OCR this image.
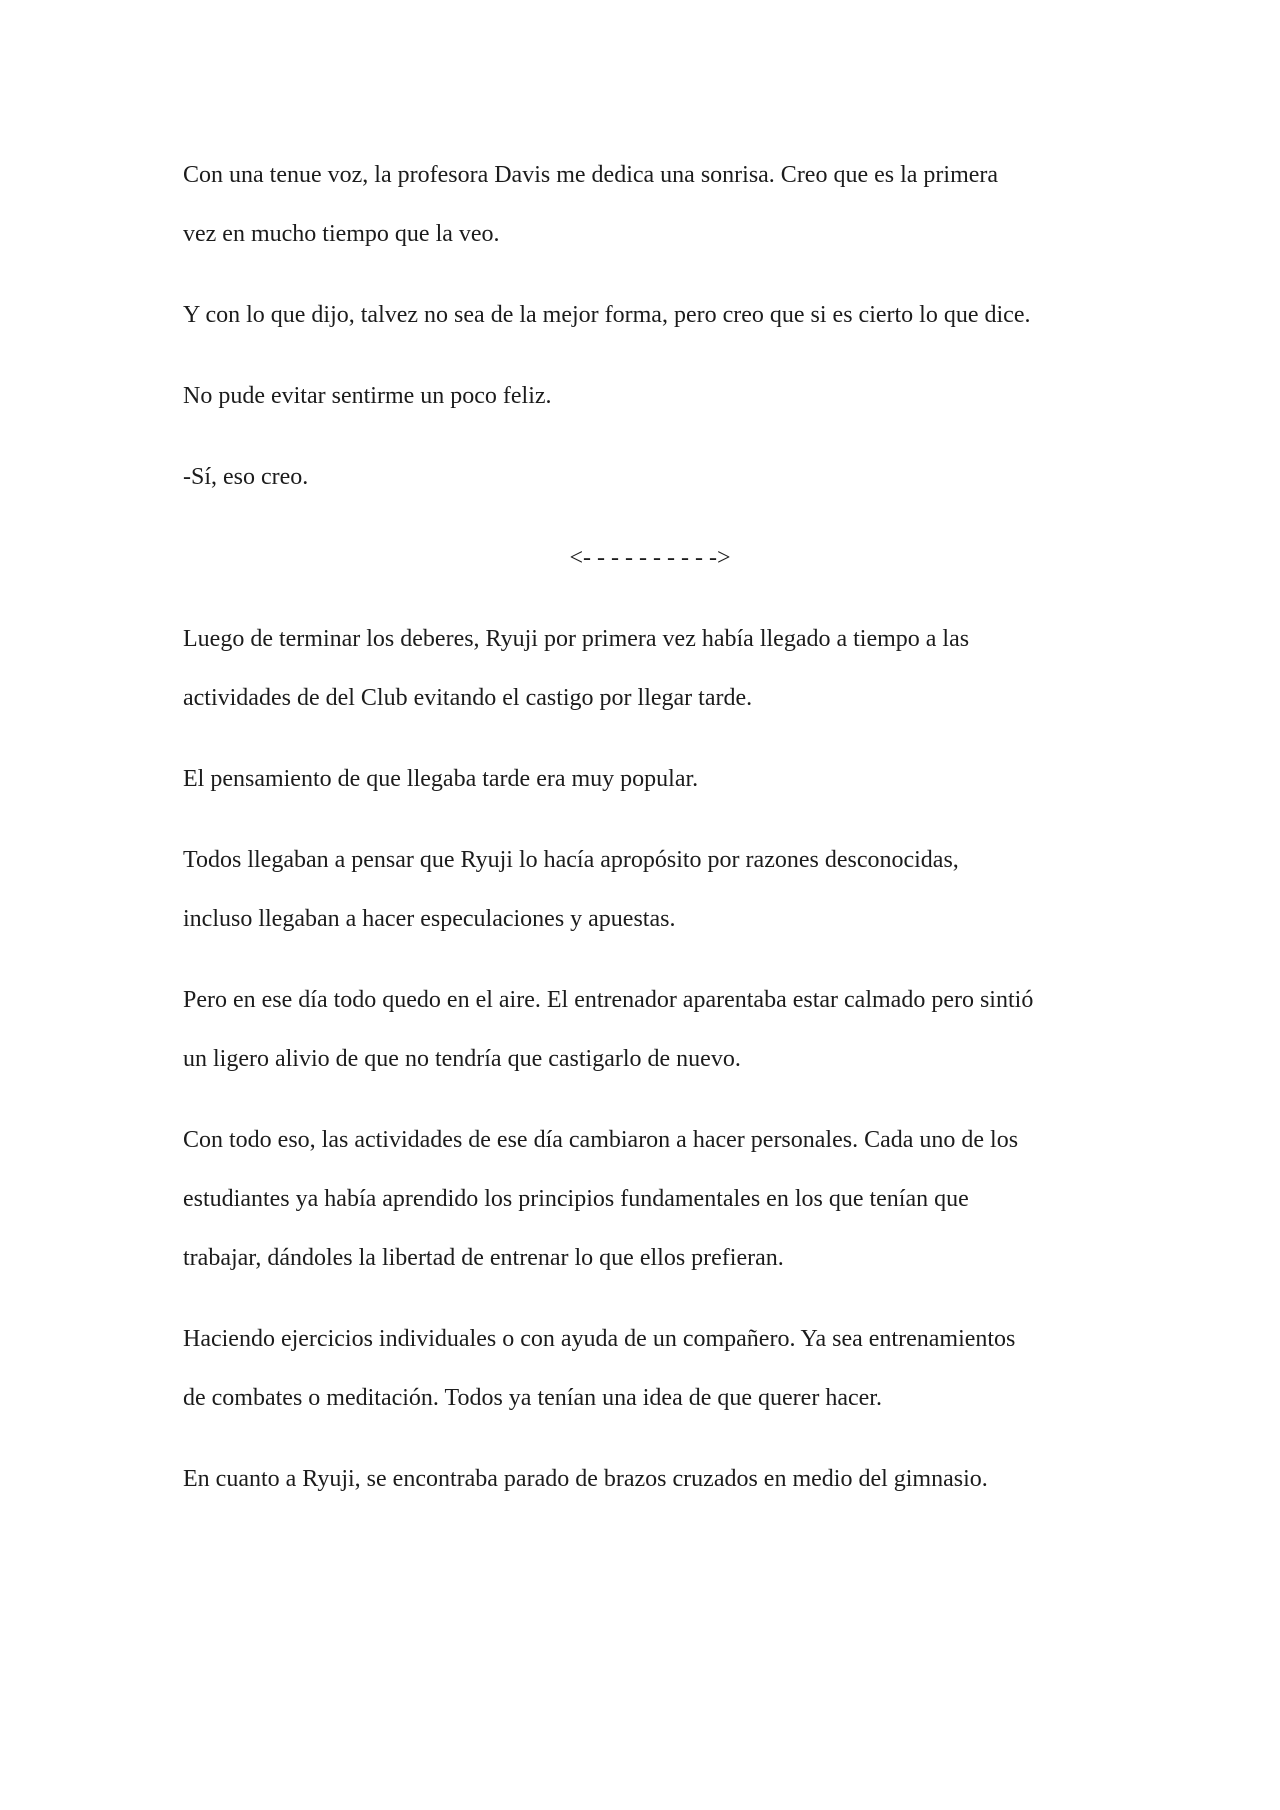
Con una tenue voz, la profesora Davis me dedica una sonrisa. Creo que es la primera
vez en mucho tiempo que la veo.

Y con lo que dijo, talvez no sea de la mejor forma, pero creo que si es cierto lo que dice.

No pude evitar sentirme un poco feliz.

-Sí, eso creo.

<- - - - - - - - - ->

Luego de terminar los deberes, Ryuji por primera vez había llegado a tiempo a las
actividades de del Club evitando el castigo por llegar tarde.

El pensamiento de que llegaba tarde era muy popular.

Todos llegaban a pensar que Ryuji lo hacía apropósito por razones desconocidas,
incluso llegaban a hacer especulaciones y apuestas.

Pero en ese día todo quedo en el aire. El entrenador aparentaba estar calmado pero sintió
un ligero alivio de que no tendría que castigarlo de nuevo.

Con todo eso, las actividades de ese día cambiaron a hacer personales. Cada uno de los
estudiantes ya había aprendido los principios fundamentales en los que tenían que
trabajar, dándoles la libertad de entrenar lo que ellos prefieran.

Haciendo ejercicios individuales o con ayuda de un compañero. Ya sea entrenamientos
de combates o meditación. Todos ya tenían una idea de que querer hacer.

En cuanto a Ryuji, se encontraba parado de brazos cruzados en medio del gimnasio.
